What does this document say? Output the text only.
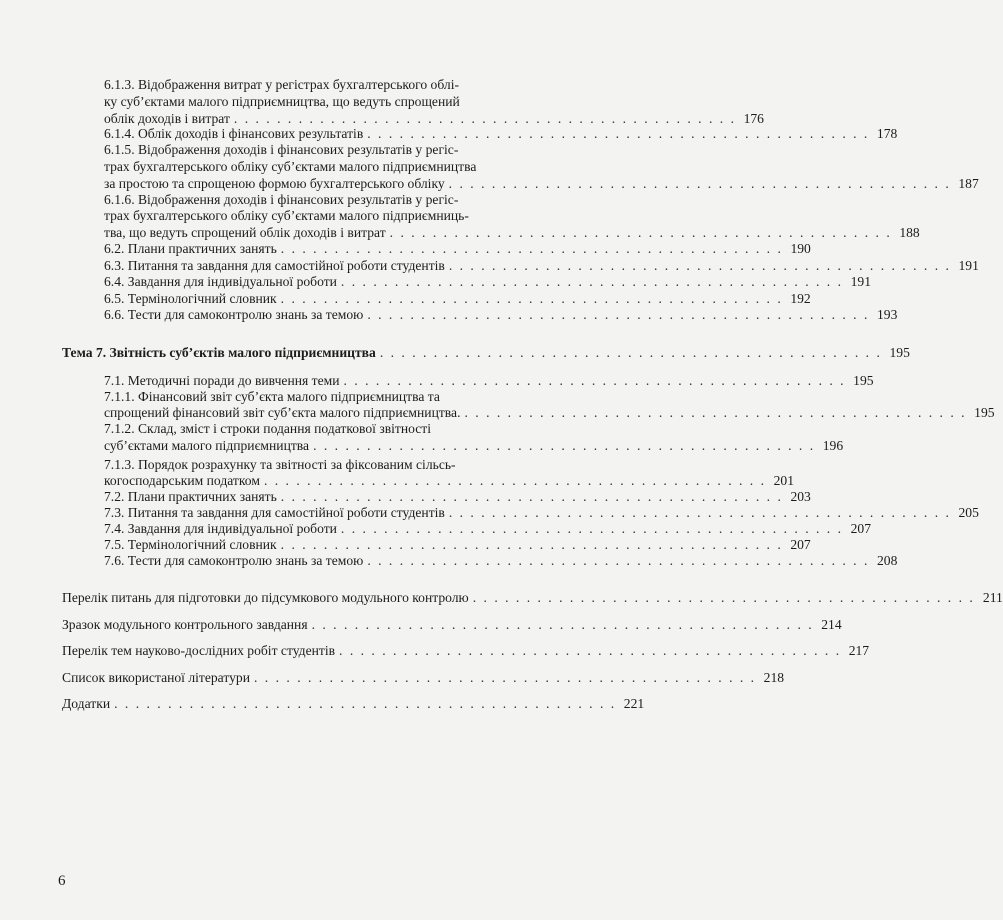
6.1.3. Відображення витрат у регістрах бухгалтерського облі-
ку суб’єктами малого підприємництва, що ведуть спрощений
облік доходів і витрат . . . . . . . . . . . . . . . . . . . . . . . . . . . . . . . . . . . . . . . . . . . . . . . 176
6.1.4. Облік доходів і фінансових результатів . . . . . . . . . . . . . . . . . . . . . . . . . . . . . . . . . . . . . . . . . . . . . . . 178
6.1.5. Відображення доходів і фінансових результатів у регіс-
трах бухгалтерського обліку суб’єктами малого підприємництва
за простою та спрощеною формою бухгалтерського обліку . . . . . . . . . . . . . . . . . . . . . . . . . . . . . . . . . . . . . . . . . . . . . . . 187
6.1.6. Відображення доходів і фінансових результатів у регіс-
трах бухгалтерського обліку суб’єктами малого підприємниць-
тва, що ведуть спрощений облік доходів і витрат . . . . . . . . . . . . . . . . . . . . . . . . . . . . . . . . . . . . . . . . . . . . . . . 188
6.2. Плани практичних занять . . . . . . . . . . . . . . . . . . . . . . . . . . . . . . . . . . . . . . . . . . . . . . . 190
6.3. Питання та завдання для самостійної роботи студентів . . . . . . . . . . . . . . . . . . . . . . . . . . . . . . . . . . . . . . . . . . . . . . . 191
6.4. Завдання для індивідуальної роботи . . . . . . . . . . . . . . . . . . . . . . . . . . . . . . . . . . . . . . . . . . . . . . . 191
6.5. Термінологічний словник . . . . . . . . . . . . . . . . . . . . . . . . . . . . . . . . . . . . . . . . . . . . . . . 192
6.6. Тести для самоконтролю знань за темою . . . . . . . . . . . . . . . . . . . . . . . . . . . . . . . . . . . . . . . . . . . . . . . 193
Тема 7. Звітність суб’єктів малого підприємництва . . . . . . . . . . . . . . . . . . . . . . . . . . . . . . . . . . . . . . . . . . . . . . . 195
7.1. Методичні поради до вивчення теми . . . . . . . . . . . . . . . . . . . . . . . . . . . . . . . . . . . . . . . . . . . . . . . 195
7.1.1. Фінансовий звіт суб’єкта малого підприємництва та
спрощений фінансовий звіт суб’єкта малого підприємництва. . . . . . . . . . . . . . . . . . . . . . . . . . . . . . . . . . . . . . . . . . . . . . . . 195
7.1.2. Склад, зміст і строки подання податкової звітності
суб’єктами малого підприємництва . . . . . . . . . . . . . . . . . . . . . . . . . . . . . . . . . . . . . . . . . . . . . . . 196
7.1.3. Порядок розрахунку та звітності за фіксованим сільсь-
когосподарським податком . . . . . . . . . . . . . . . . . . . . . . . . . . . . . . . . . . . . . . . . . . . . . . . 201
7.2. Плани практичних занять . . . . . . . . . . . . . . . . . . . . . . . . . . . . . . . . . . . . . . . . . . . . . . . 203
7.3. Питання та завдання для самостійної роботи студентів . . . . . . . . . . . . . . . . . . . . . . . . . . . . . . . . . . . . . . . . . . . . . . . 205
7.4. Завдання для індивідуальної роботи . . . . . . . . . . . . . . . . . . . . . . . . . . . . . . . . . . . . . . . . . . . . . . . 207
7.5. Термінологічний словник . . . . . . . . . . . . . . . . . . . . . . . . . . . . . . . . . . . . . . . . . . . . . . . 207
7.6. Тести для самоконтролю знань за темою . . . . . . . . . . . . . . . . . . . . . . . . . . . . . . . . . . . . . . . . . . . . . . . 208
Перелік питань для підготовки до підсумкового модульного контролю . . . . . . . . . . . . . . . . . . . . . . . . . . . . . . . . . . . . . . . . . . . . . . . 211
Зразок модульного контрольного завдання . . . . . . . . . . . . . . . . . . . . . . . . . . . . . . . . . . . . . . . . . . . . . . . 214
Перелік тем науково-дослідних робіт студентів . . . . . . . . . . . . . . . . . . . . . . . . . . . . . . . . . . . . . . . . . . . . . . . 217
Список використаної літератури . . . . . . . . . . . . . . . . . . . . . . . . . . . . . . . . . . . . . . . . . . . . . . . 218
Додатки . . . . . . . . . . . . . . . . . . . . . . . . . . . . . . . . . . . . . . . . . . . . . . . 221
6
